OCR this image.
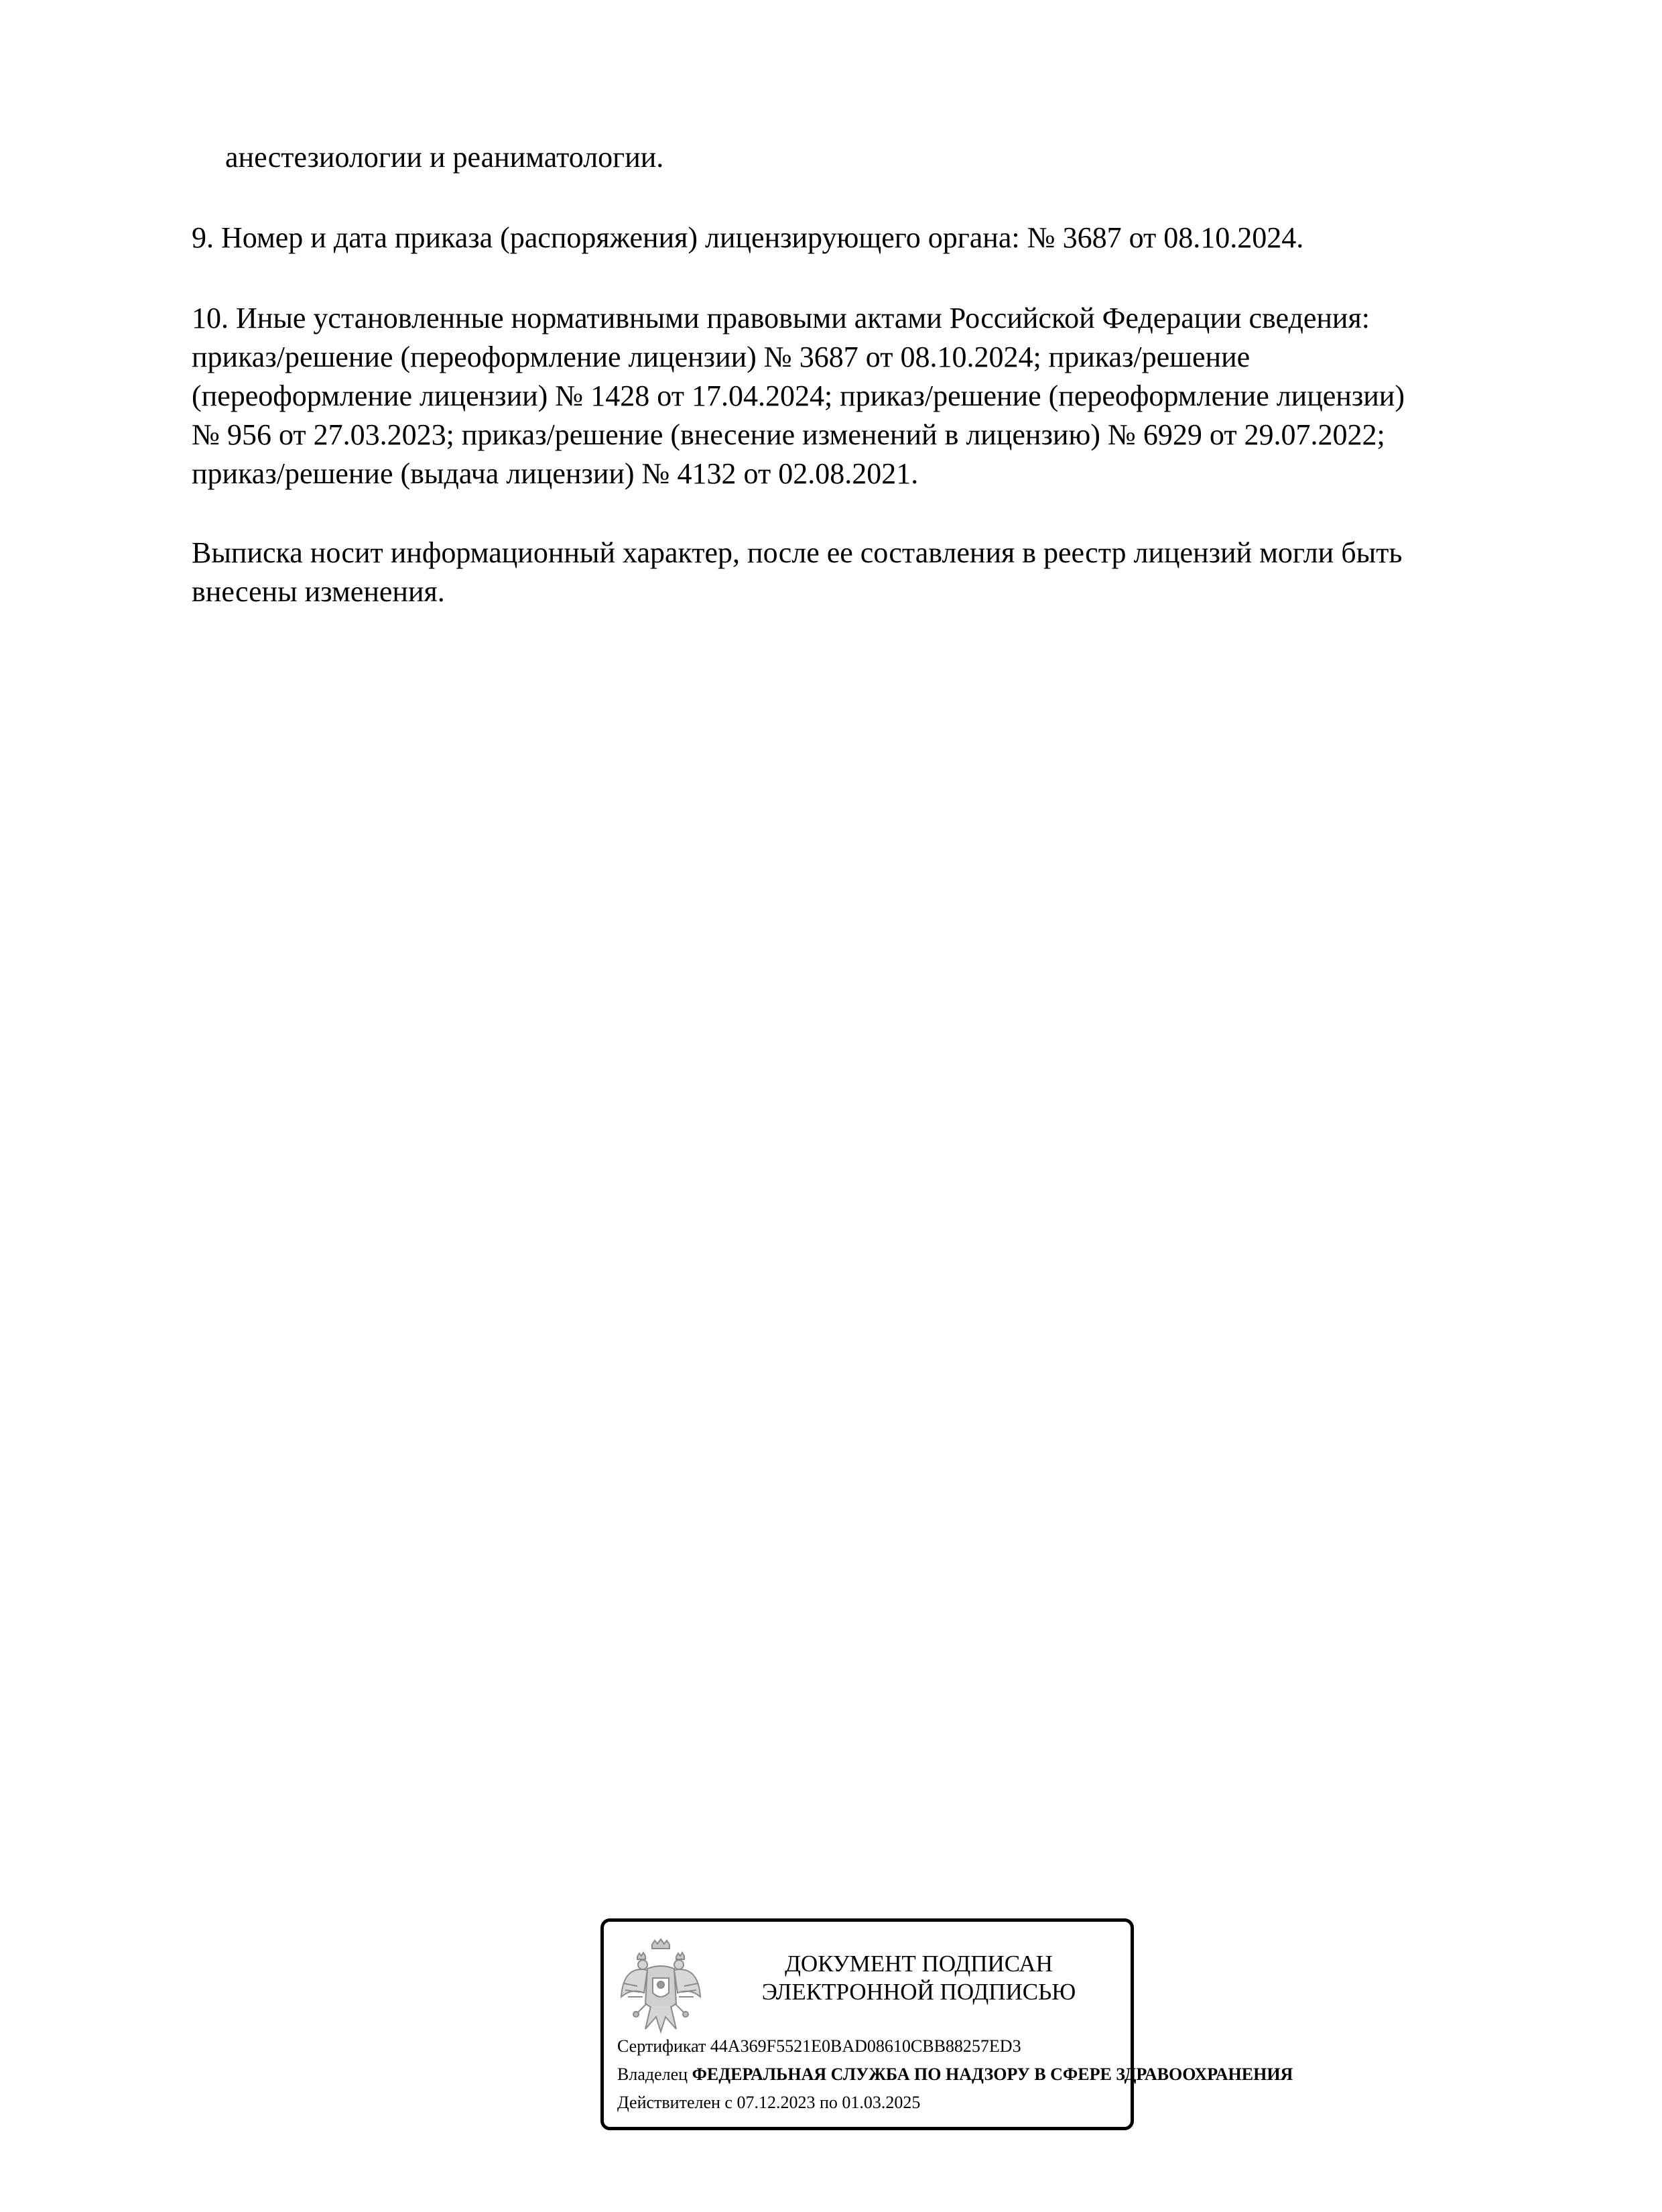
анестезиологии и реаниматологии.

9. Номер и дата приказа (распоряжения) лицензирующего органа: № 3687 от 08.10.2024.

10. Иные установленные нормативными правовыми актами Российской Федерации сведения:
приказ/решение (переоформление лицензии) № 3687 от 08.10.2024; приказ/решение
(переоформление лицензии) № 1428 от 17.04.2024; приказ/решение (переоформление лицензии)
№ 956 от 27.03.2023; приказ/решение (внесение изменений в лицензию) № 6929 от 29.07.2022;
приказ/решение (выдача лицензии) № 4132 от 02.08.2021.
Выписка носит информационный характер, после ее составления в реестр лицензий могли быть
внесены изменения.
ДОКУМЕНТ ПОДПИСАН
ЭЛЕКТРОННОЙ ПОДПИСЬЮ
Сертификат 44A369F5521E0BAD08610CBB88257ED3
Владелец ФЕДЕРАЛЬНАЯ СЛУЖБА ПО НАДЗОРУ В СФЕРЕ ЗДРАВООХРАНЕНИЯ
Действителен с 07.12.2023 по 01.03.2025
